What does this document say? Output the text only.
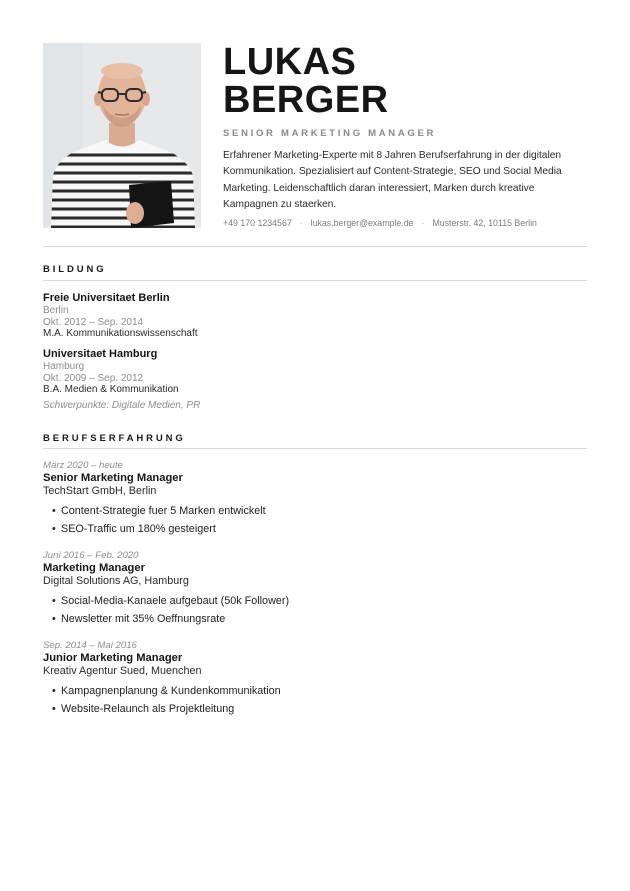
LUKAS
BERGER
SENIOR MARKETING MANAGER

Erfahrener Marketing-Experte mit 8 Jahren Berufserfahrung in der digitalen Kommunikation. Spezialisiert auf Content-Strategie, SEO und Social Media Marketing. Leidenschaftlich daran interessiert, Marken durch kreative Kampagnen zu staerken.

+49 170 1234567 · lukas.berger@example.de · Musterstr. 42, 10115 Berlin
BILDUNG
Freie Universitaet Berlin
Berlin
Okt. 2012 – Sep. 2014
M.A. Kommunikationswissenschaft
Universitaet Hamburg
Hamburg
Okt. 2009 – Sep. 2012
B.A. Medien & Kommunikation
Schwerpunkte: Digitale Medien, PR
BERUFSERFAHRUNG
März 2020 – heute
Senior Marketing Manager
TechStart GmbH, Berlin
• Content-Strategie fuer 5 Marken entwickelt
• SEO-Traffic um 180% gesteigert
Juni 2016 – Feb. 2020
Marketing Manager
Digital Solutions AG, Hamburg
• Social-Media-Kanaele aufgebaut (50k Follower)
• Newsletter mit 35% Oeffnungsrate
Sep. 2014 – Mai 2016
Junior Marketing Manager
Kreativ Agentur Sued, Muenchen
• Kampagnenplanung & Kundenkommunikation
• Website-Relaunch als Projektleitung
